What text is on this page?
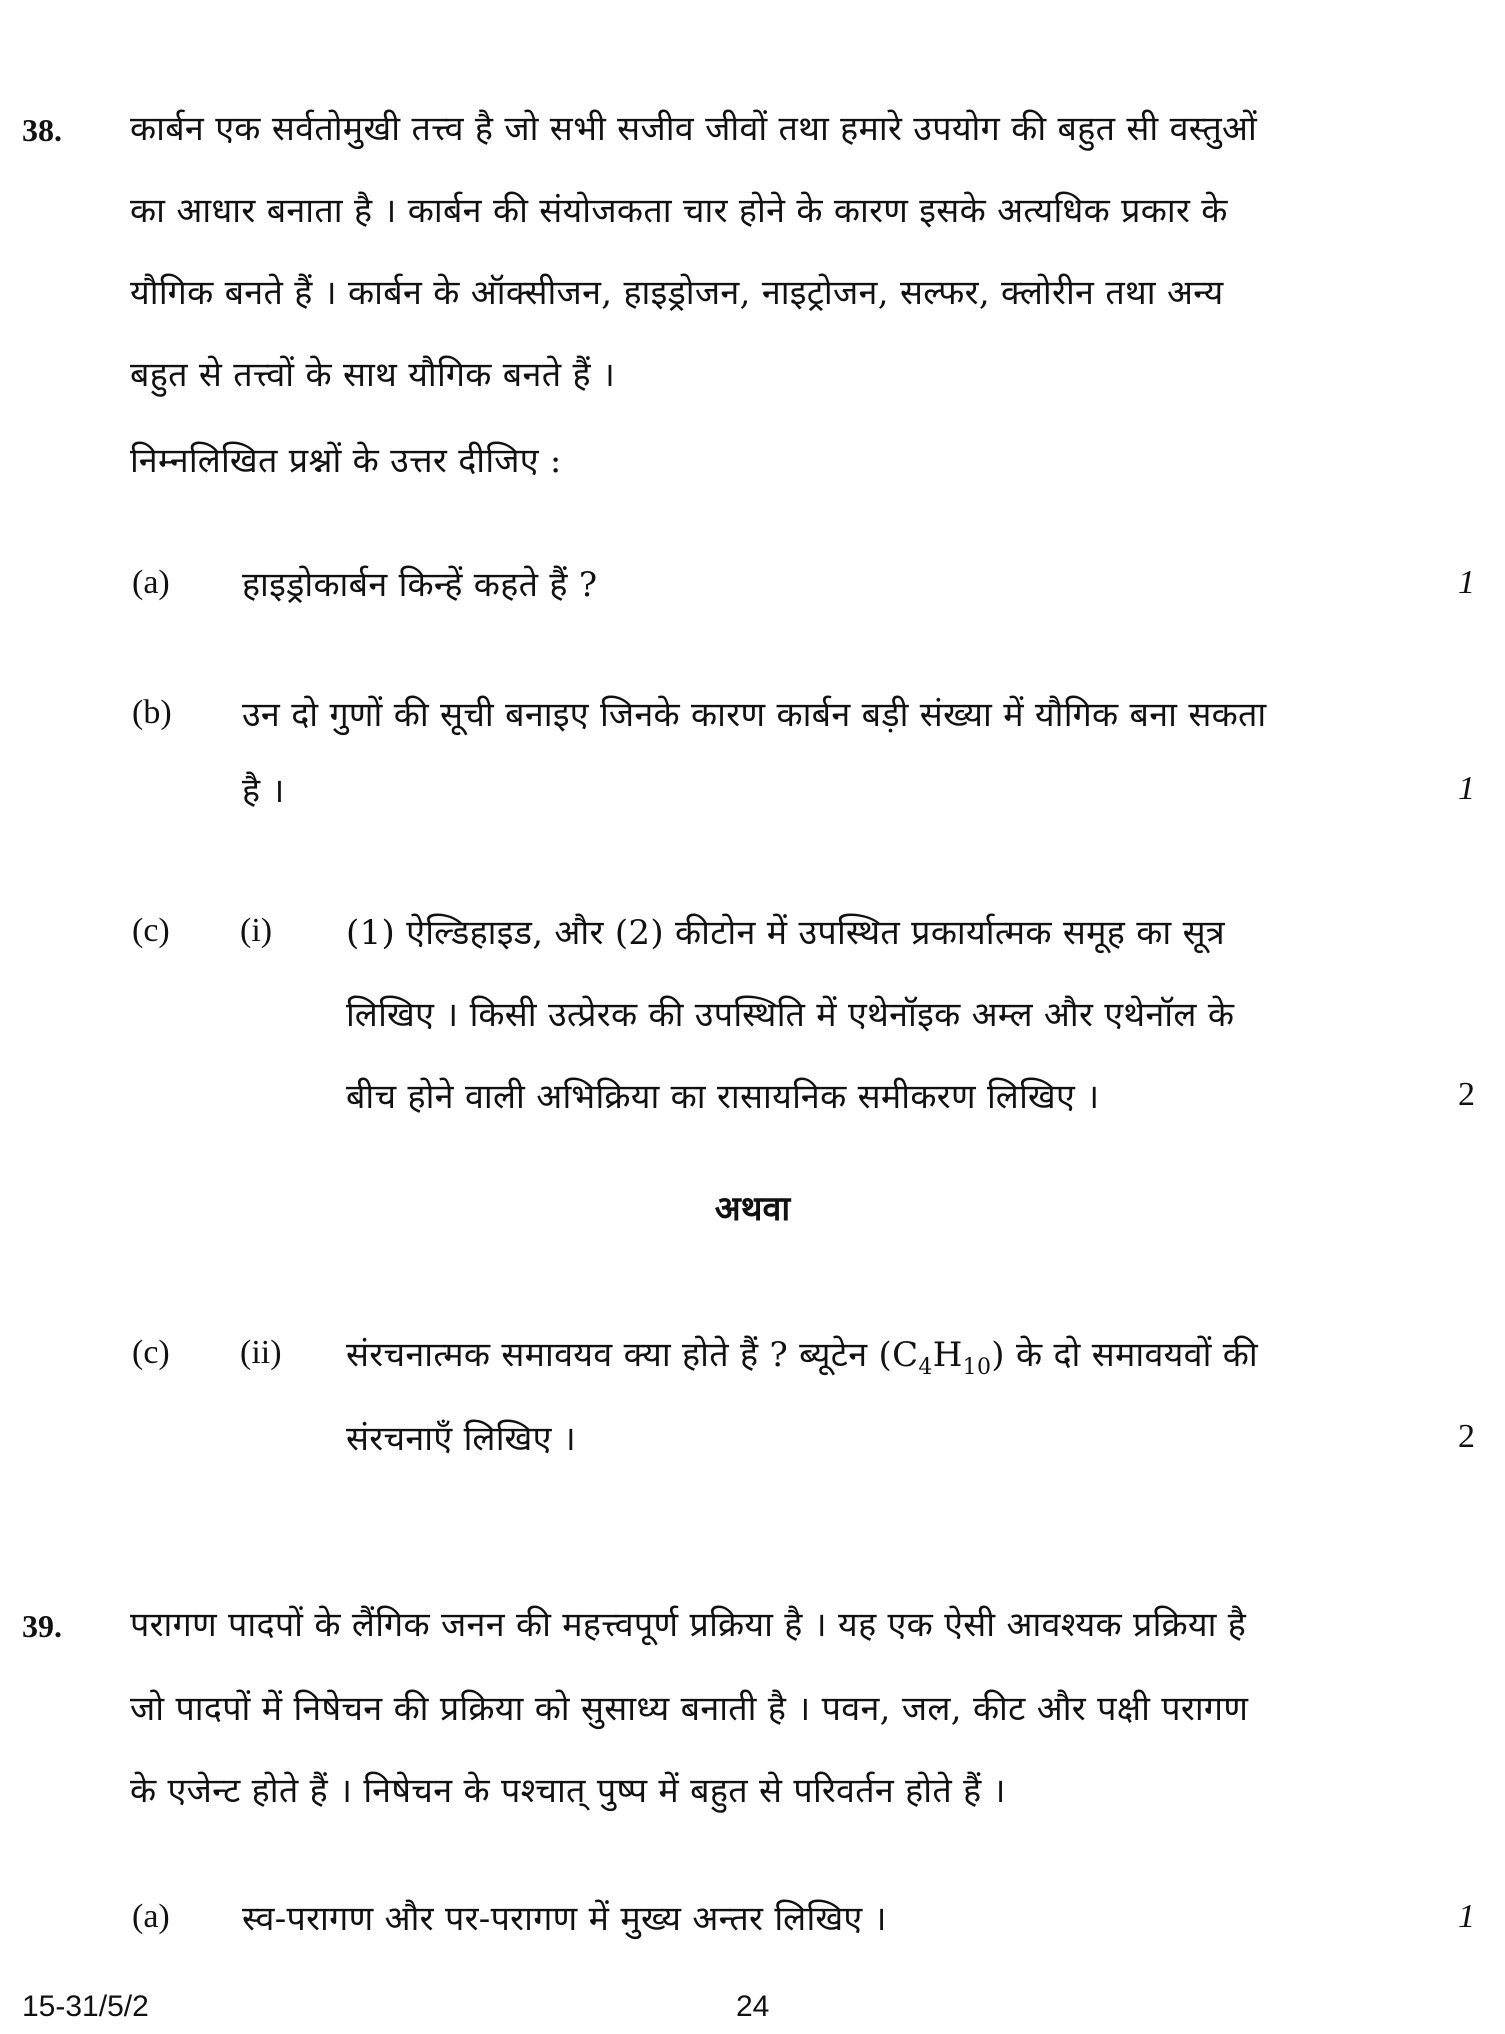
38. कार्बन एक सर्वतोमुखी तत्त्व है जो सभी सजीव जीवों तथा हमारे उपयोग की बहुत सी वस्तुओं
का आधार बनाता है । कार्बन की संयोजकता चार होने के कारण इसके अत्यधिक प्रकार के
यौगिक बनते हैं । कार्बन के ऑक्सीजन, हाइड्रोजन, नाइट्रोजन, सल्फर, क्लोरीन तथा अन्य
बहुत से तत्त्वों के साथ यौगिक बनते हैं ।
निम्नलिखित प्रश्नों के उत्तर दीजिए :
(a) हाइड्रोकार्बन किन्हें कहते हैं ?	1
(b) उन दो गुणों की सूची बनाइए जिनके कारण कार्बन बड़ी संख्या में यौगिक बना सकता
है ।	1
(c) (i) (1) ऐल्डिहाइड, और (2) कीटोन में उपस्थित प्रकार्यात्मक समूह का सूत्र
लिखिए । किसी उत्प्रेरक की उपस्थिति में एथेनॉइक अम्ल और एथेनॉल के
बीच होने वाली अभिक्रिया का रासायनिक समीकरण लिखिए ।	2
अथवा
(c) (ii) संरचनात्मक समावयव क्या होते हैं ? ब्यूटेन $(C_4H_{10})$ के दो समावयवों की
संरचनाएँ लिखिए ।	2
39. परागण पादपों के लैंगिक जनन की महत्त्वपूर्ण प्रक्रिया है । यह एक ऐसी आवश्यक प्रक्रिया है
जो पादपों में निषेचन की प्रक्रिया को सुसाध्य बनाती है । पवन, जल, कीट और पक्षी परागण
के एजेन्ट होते हैं । निषेचन के पश्चात् पुष्प में बहुत से परिवर्तन होते हैं ।
(a) स्व-परागण और पर-परागण में मुख्य अन्तर लिखिए ।	1
15-31/5/2	24
